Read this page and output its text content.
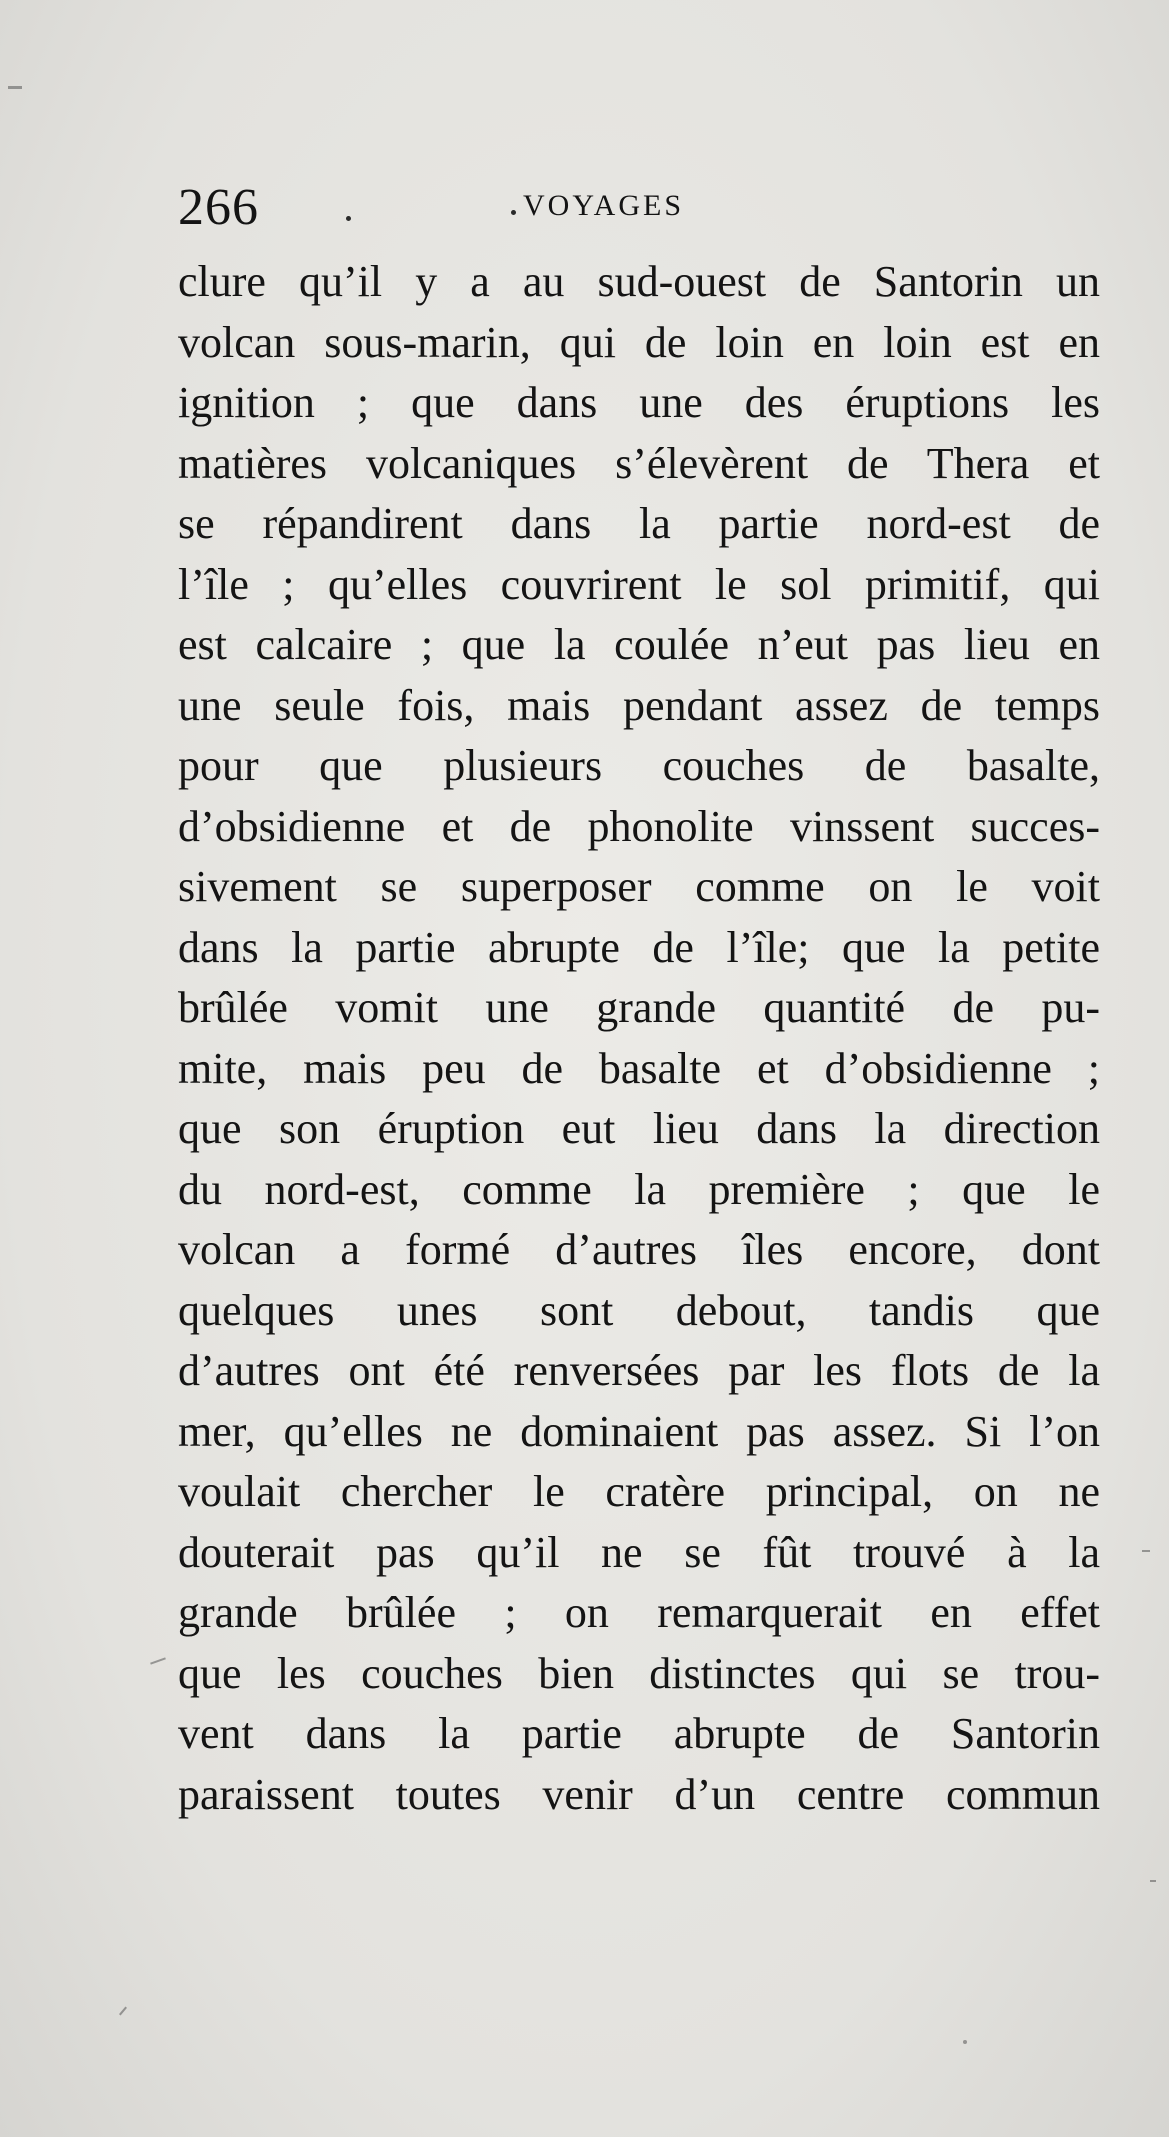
266	VOYAGES
clure qu’il y a au sud-ouest de Santorin un
volcan sous-marin, qui de loin en loin est en
ignition ; que dans une des éruptions les
matières volcaniques s’élevèrent de Thera et
se répandirent dans la partie nord-est de
l’île ; qu’elles couvrirent le sol primitif, qui
est calcaire ; que la coulée n’eut pas lieu en
une seule fois, mais pendant assez de temps
pour que plusieurs couches de basalte,
d’obsidienne et de phonolite vinssent succes-
sivement se superposer comme on le voit
dans la partie abrupte de l’île; que la petite
brûlée vomit une grande quantité de pu-
mite, mais peu de basalte et d’obsidienne ;
que son éruption eut lieu dans la direction
du nord-est, comme la première ; que le
volcan a formé d’autres îles encore, dont
quelques unes sont debout, tandis que
d’autres ont été renversées par les flots de la
mer, qu’elles ne dominaient pas assez. Si l’on
voulait chercher le cratère principal, on ne
douterait pas qu’il ne se fût trouvé à la
grande brûlée ; on remarquerait en effet
que les couches bien distinctes qui se trou-
vent dans la partie abrupte de Santorin
paraissent toutes venir d’un centre commun
